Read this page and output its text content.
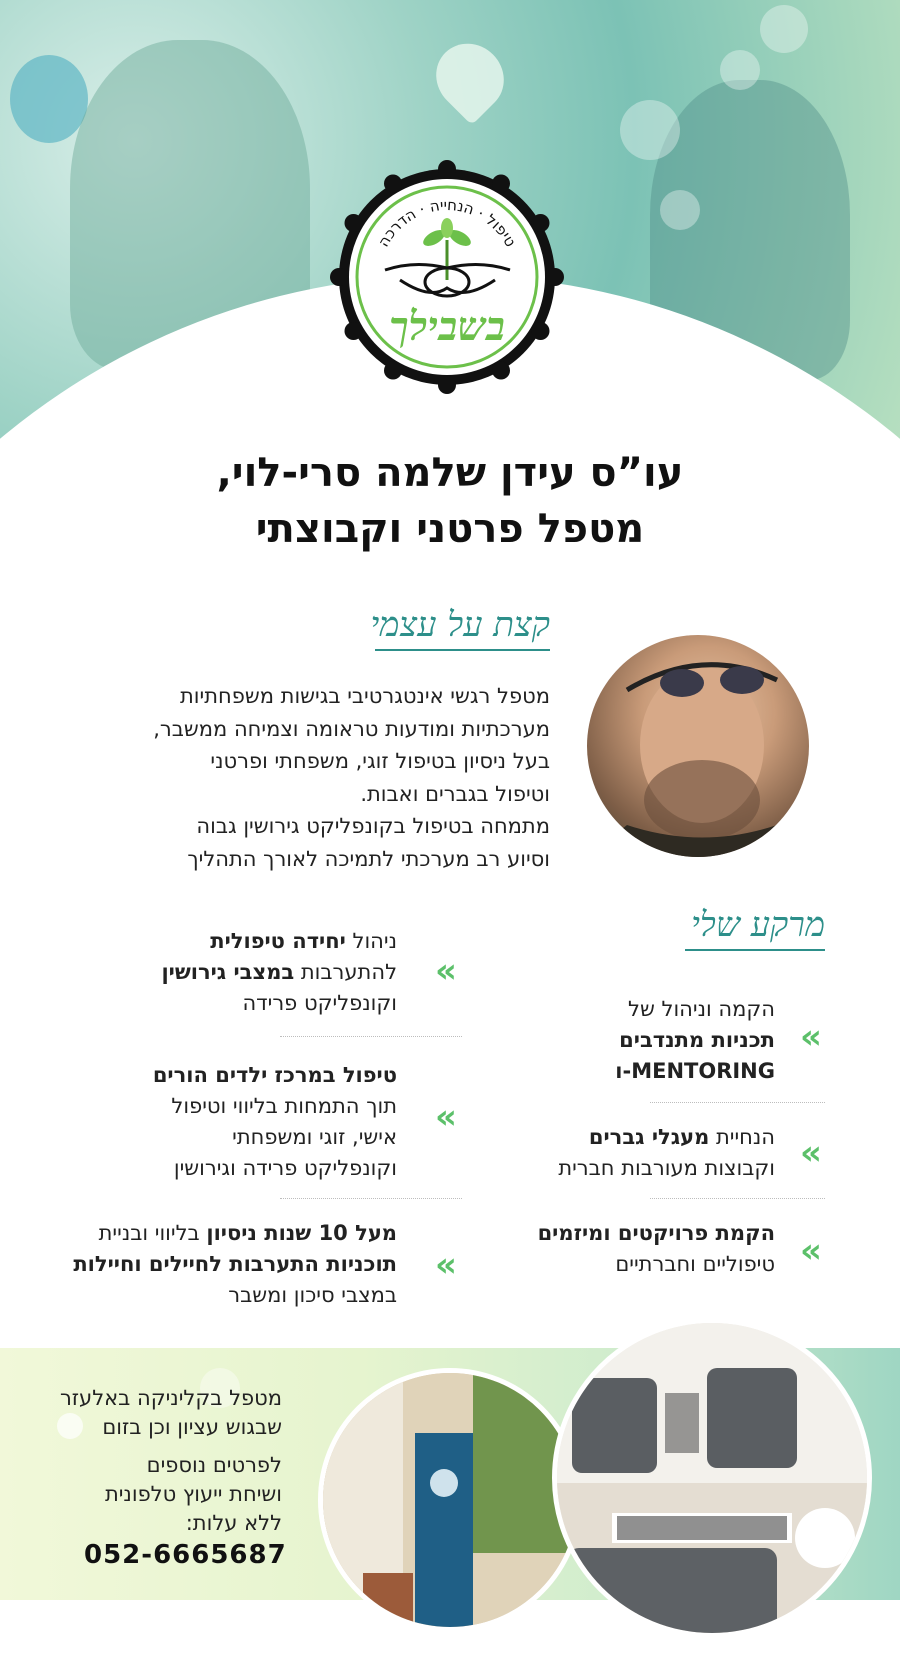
טיפול · הנחייה · הדרכה
בשבילך
עו”ס עידן שלמה סרי-לוי,
מטפל פרטני וקבוצתי
קצת על עצמי
מטפל רגשי אינטגרטיבי בגישות משפחתיות
מערכתיות ומודעות טראומה וצמיחה ממשבר,
בעל ניסיון בטיפול זוגי, משפחתי ופרטני
וטיפול בגברים ואבות.
מתמחה בטיפול בקונפליקט גירושין גבוה
וסיוע רב מערכתי לתמיכה לאורך התהליך
מרקע שלי
הקמה וניהול של
תכניות מתנדבים
MENTORING-ו
«
הנחיית מעגלי גברים
וקבוצות מעורבות חברית «
הקמת פרויקטים ומיזמים
טיפוליים וחברתיים «
ניהול יחידה טיפולית
להתערבות במצבי גירושין
וקונפליקט פרידה
«
טיפול במרכז ילדים הורים
תוך התמחות בליווי וטיפול
אישי, זוגי ומשפחתי
וקונפליקט פרידה וגירושין
«
מעל 10 שנות ניסיון בליווי ובניית
תוכניות התערבות לחיילים וחיילות
במצבי סיכון ומשבר
«
מטפל בקליניקה באלעזר
שבגוש עציון וכן בזום
לפרטים נוספים
ושיחת ייעוץ טלפונית
ללא עלות:
052-6665687
